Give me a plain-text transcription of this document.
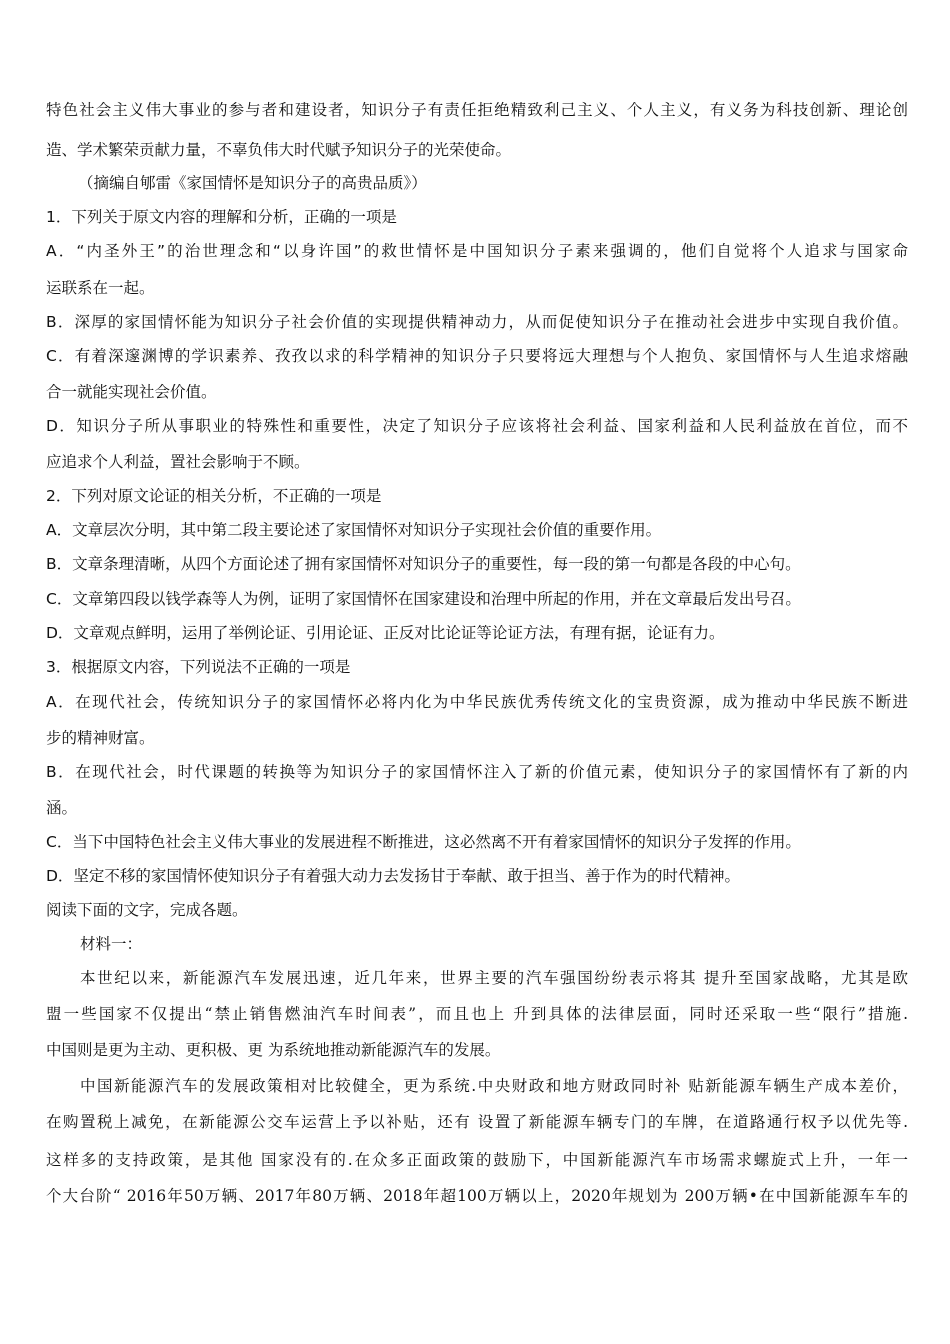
特色社会主义伟大事业的参与者和建设者，知识分子有责任拒绝精致利己主义、个人主义，有义务为科技创新、理论创
造、学术繁荣贡献力量，不辜负伟大时代赋予知识分子的光荣使命。
（摘编自郇雷《家国情怀是知识分子的高贵品质》）
1．下列关于原文内容的理解和分析，正确的一项是
A．“内圣外王”的治世理念和“以身许国”的救世情怀是中国知识分子素来强调的，他们自觉将个人追求与国家命
运联系在一起。
B．深厚的家国情怀能为知识分子社会价值的实现提供精神动力，从而促使知识分子在推动社会进步中实现自我价值。
C．有着深邃渊博的学识素养、孜孜以求的科学精神的知识分子只要将远大理想与个人抱负、家国情怀与人生追求熔融
合一就能实现社会价值。
D．知识分子所从事职业的特殊性和重要性，决定了知识分子应该将社会利益、国家利益和人民利益放在首位，而不
应追求个人利益，置社会影响于不顾。
2．下列对原文论证的相关分析，不正确的一项是
A．文章层次分明，其中第二段主要论述了家国情怀对知识分子实现社会价值的重要作用。
B．文章条理清晰，从四个方面论述了拥有家国情怀对知识分子的重要性，每一段的第一句都是各段的中心句。
C．文章第四段以钱学森等人为例，证明了家国情怀在国家建设和治理中所起的作用，并在文章最后发出号召。
D．文章观点鲜明，运用了举例论证、引用论证、正反对比论证等论证方法，有理有据，论证有力。
3．根据原文内容，下列说法不正确的一项是
A．在现代社会，传统知识分子的家国情怀必将内化为中华民族优秀传统文化的宝贵资源，成为推动中华民族不断进
步的精神财富。
B．在现代社会，时代课题的转换等为知识分子的家国情怀注入了新的价值元素，使知识分子的家国情怀有了新的内
涵。
C．当下中国特色社会主义伟大事业的发展进程不断推进，这必然离不开有着家国情怀的知识分子发挥的作用。
D．坚定不移的家国情怀使知识分子有着强大动力去发扬甘于奉献、敢于担当、善于作为的时代精神。
阅读下面的文字，完成各题。
材料一：
本世纪以来，新能源汽车发展迅速，近几年来，世界主要的汽车强国纷纷表示将其 提升至国家战略，尤其是欧
盟一些国家不仅提出“禁止销售燃油汽车时间表”，而且也上 升到具体的法律层面，同时还采取一些“限行”措施.
中国则是更为主动、更积极、更 为系统地推动新能源汽车的发展。
中国新能源汽车的发展政策相对比较健全，更为系统.中央财政和地方财政同时补 贴新能源车辆生产成本差价，
在购置税上减免，在新能源公交车运营上予以补贴，还有 设置了新能源车辆专门的车牌，在道路通行权予以优先等.
这样多的支持政策，是其他 国家没有的.在众多正面政策的鼓励下，中国新能源汽车市场需求螺旋式上升，一年一
个大台阶“ 2016年50万辆、2017年80万辆、2018年超100万辆以上，2020年规划为 200万辆•在中国新能源车车的
